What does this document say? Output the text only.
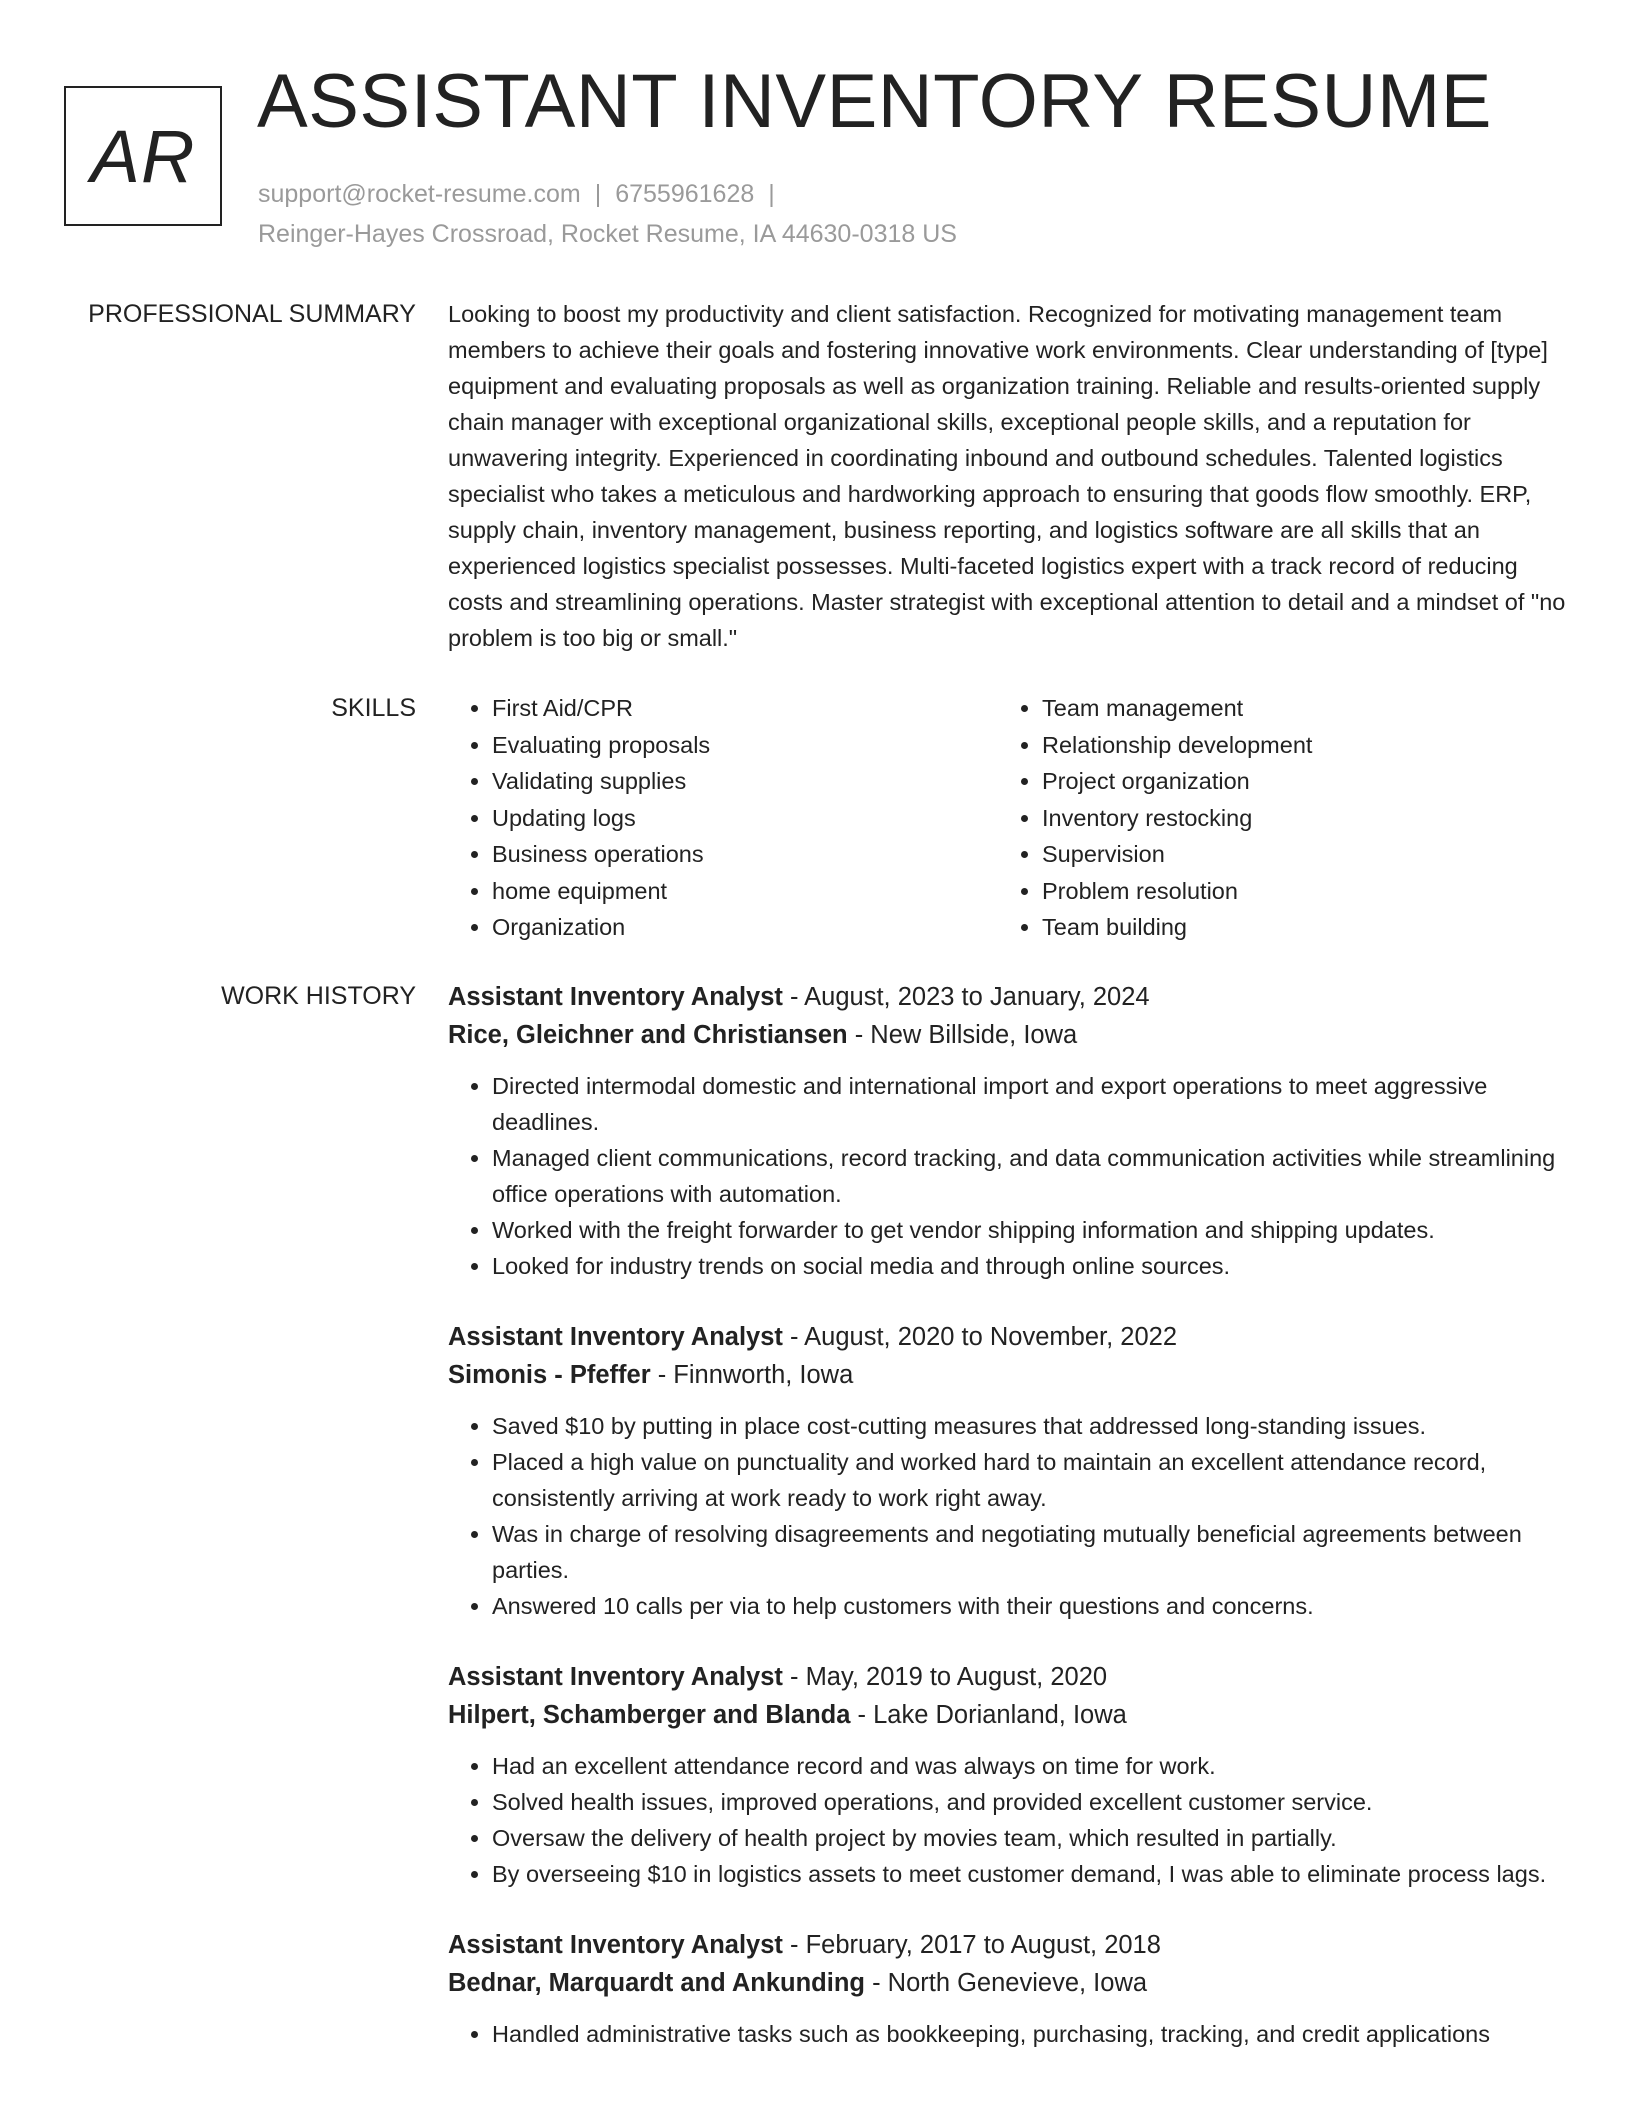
AR
ASSISTANT INVENTORY RESUME
support@rocket-resume.com | 6755961628 |
Reinger-Hayes Crossroad, Rocket Resume, IA 44630-0318 US
PROFESSIONAL SUMMARY Looking to boost my productivity and client satisfaction. Recognized for motivating management team members to achieve their goals and fostering innovative work environments. Clear understanding of [type] equipment and evaluating proposals as well as organization training. Reliable and results-oriented supply chain manager with exceptional organizational skills, exceptional people skills, and a reputation for unwavering integrity. Experienced in coordinating inbound and outbound schedules. Talented logistics specialist who takes a meticulous and hardworking approach to ensuring that goods flow smoothly. ERP, supply chain, inventory management, business reporting, and logistics software are all skills that an experienced logistics specialist possesses. Multi-faceted logistics expert with a track record of reducing costs and streamlining operations. Master strategist with exceptional attention to detail and a mindset of "no problem is too big or small."

SKILLS
•	First Aid/CPR
• Evaluating proposals
• Validating supplies
• Updating logs
• Business operations
• home equipment
• Organization
• Team management
• Relationship development
• Project organization
• Inventory restocking
• Supervision
• Problem resolution
• Team building
WORK HISTORY Assistant Inventory Analyst - August, 2023 to January, 2024
Rice, Gleichner and Christiansen - New Billside, Iowa
• Directed intermodal domestic and international import and export operations to meet aggressive deadlines.
• Managed client communications, record tracking, and data communication activities while streamlining office operations with automation.
• Worked with the freight forwarder to get vendor shipping information and shipping updates.
• Looked for industry trends on social media and through online sources.
Assistant Inventory Analyst - August, 2020 to November, 2022
Simonis - Pfeffer - Finnworth, Iowa
• Saved $10 by putting in place cost-cutting measures that addressed long-standing issues.
• Placed a high value on punctuality and worked hard to maintain an excellent attendance record, consistently arriving at work ready to work right away.
• Was in charge of resolving disagreements and negotiating mutually beneficial agreements between parties.
• Answered 10 calls per via to help customers with their questions and concerns.
Assistant Inventory Analyst - May, 2019 to August, 2020
Hilpert, Schamberger and Blanda - Lake Dorianland, Iowa
• Had an excellent attendance record and was always on time for work.
• Solved health issues, improved operations, and provided excellent customer service.
• Oversaw the delivery of health project by movies team, which resulted in partially.
• By overseeing $10 in logistics assets to meet customer demand, I was able to eliminate process lags.
Assistant Inventory Analyst - February, 2017 to August, 2018
Bednar, Marquardt and Ankunding - North Genevieve, Iowa
• Handled administrative tasks such as bookkeeping, purchasing, tracking, and credit applications
